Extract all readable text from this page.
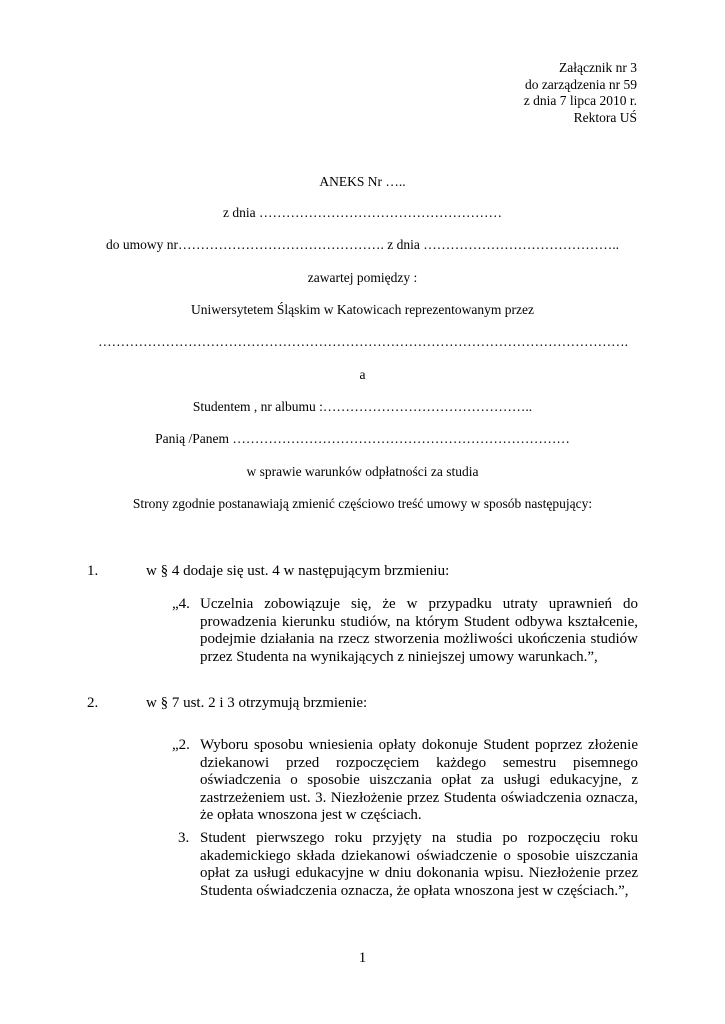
Załącznik nr 3
do zarządzenia nr 59
z dnia 7 lipca 2010 r.
Rektora UŚ
ANEKS Nr …..
z dnia ………………………………………………
do umowy nr………………………………………. z dnia ……………………………………..
zawartej pomiędzy :
Uniwersytetem Śląskim w Katowicach reprezentowanym przez
……………………………………………………………………………………………………….
a
Studentem , nr albumu :………………………………………..
Panią /Panem …………………………………………………………………
w sprawie warunków odpłatności za studia
Strony zgodnie postanawiają zmienić częściowo treść umowy w sposób następujący:
1.	w § 4 dodaje się ust. 4 w następującym brzmieniu:
„4. Uczelnia zobowiązuje się, że w przypadku utraty uprawnień do prowadzenia kierunku studiów, na którym Student odbywa kształcenie, podejmie działania na rzecz stworzenia możliwości ukończenia studiów przez Studenta na wynikających z niniejszej umowy warunkach.”,
2.	w § 7 ust. 2 i 3 otrzymują brzmienie:
„2. Wyboru sposobu wniesienia opłaty dokonuje Student poprzez złożenie dziekanowi przed rozpoczęciem każdego semestru pisemnego oświadczenia o sposobie uiszczania opłat za usługi edukacyjne, z zastrzeżeniem ust. 3. Niezłożenie przez Studenta oświadczenia oznacza, że opłata wnoszona jest w częściach.
3. Student pierwszego roku przyjęty na studia po rozpoczęciu roku akademickiego składa dziekanowi oświadczenie o sposobie uiszczania opłat za usługi edukacyjne w dniu dokonania wpisu. Niezłożenie przez Studenta oświadczenia oznacza, że opłata wnoszona jest w częściach.”,
1
